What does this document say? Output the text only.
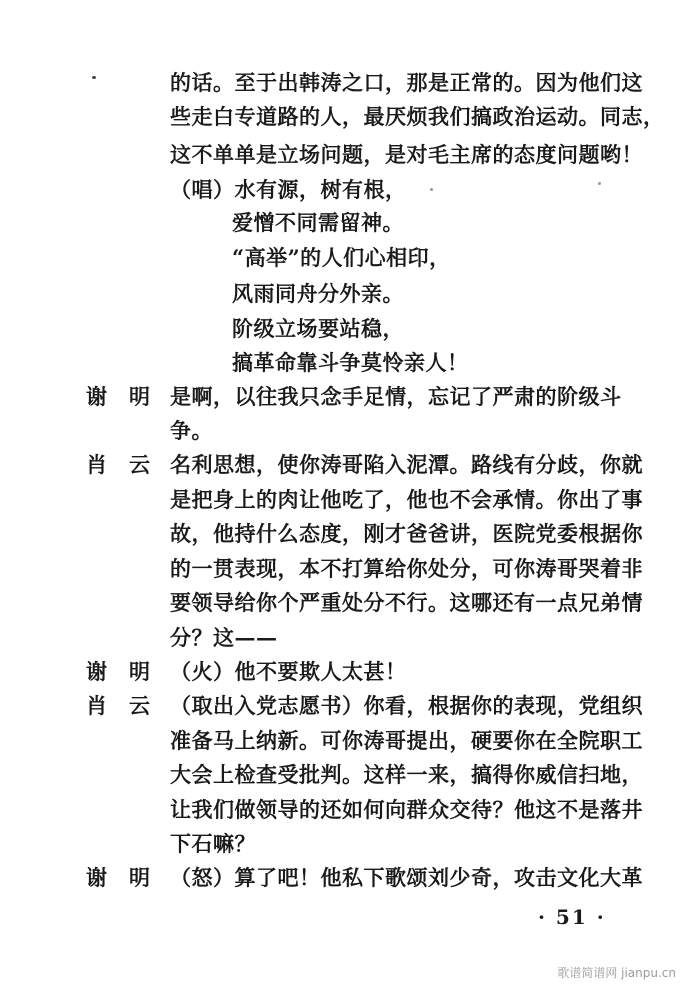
的话。至于出韩涛之口，那是正常的。因为他们这
些走白专道路的人，最厌烦我们搞政治运动。同志，
这不单单是立场问题，是对毛主席的态度问题哟！
（唱）水有源，树有根，
爱憎不同需留神。
“高举”的人们心相印，
风雨同舟分外亲。
阶级立场要站稳，
搞革命靠斗争莫怜亲人！
谢明
是啊，以往我只念手足情，忘记了严肃的阶级斗
争。
肖云
名利思想，使你涛哥陷入泥潭。路线有分歧，你就
是把身上的肉让他吃了，他也不会承情。你出了事
故，他持什么态度，刚才爸爸讲，医院党委根据你
的一贯表现，本不打算给你处分，可你涛哥哭着非
要领导给你个严重处分不行。这哪还有一点兄弟情
分？这——
谢明
（火）他不要欺人太甚！
肖云
（取出入党志愿书）你看，根据你的表现，党组织
准备马上纳新。可你涛哥提出，硬要你在全院职工
大会上检查受批判。这样一来，搞得你威信扫地，
让我们做领导的还如何向群众交待？他这不是落井
下石嘛？
谢明
（怒）算了吧！他私下歌颂刘少奇，攻击文化大革
· 51 ·
歌谱简谱网 jianpu.cn
